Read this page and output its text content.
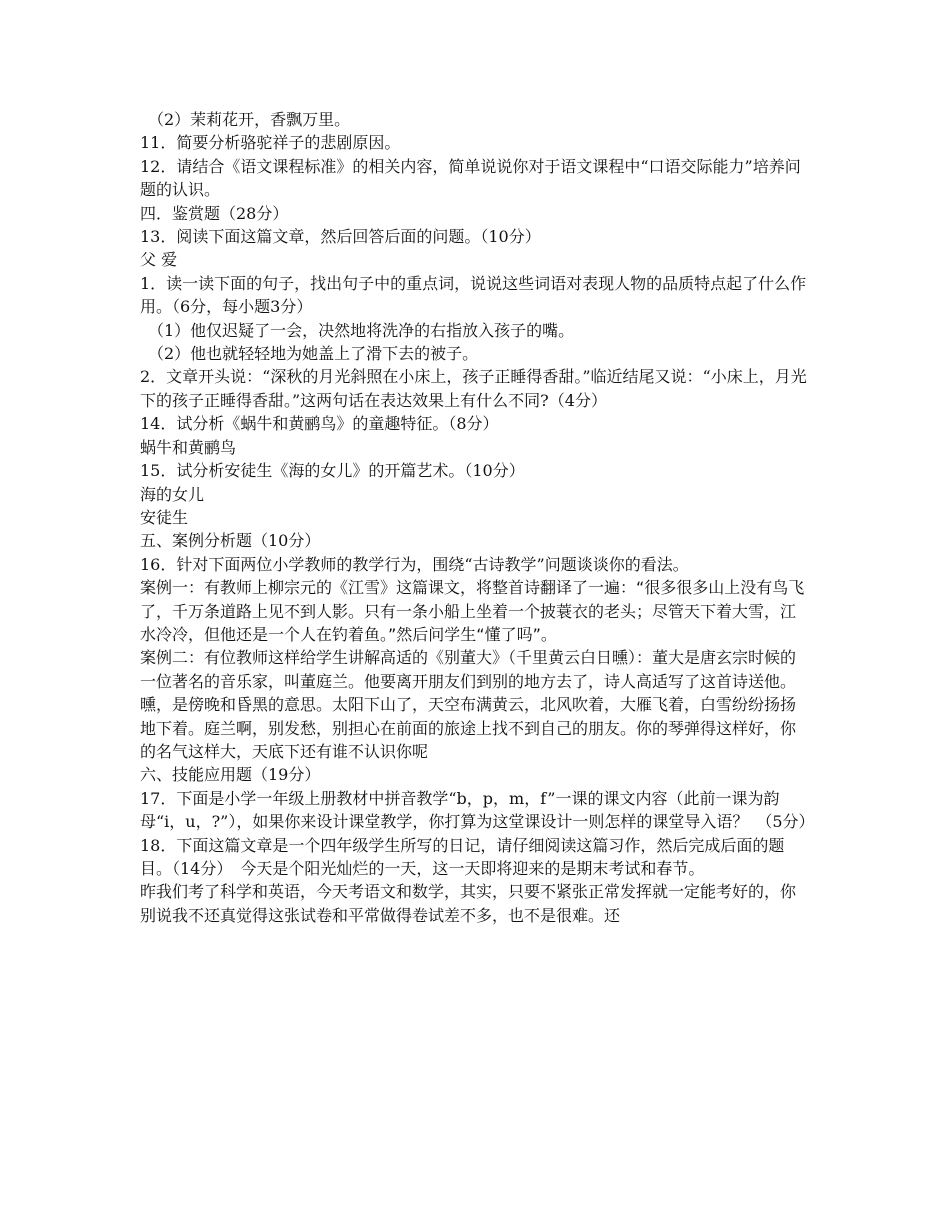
（2）茉莉花开，香飘万里。
11．简要分析骆驼祥子的悲剧原因。
12．请结合《语文课程标准》的相关内容，简单说说你对于语文课程中“口语交际能力”培养问题的认识。
四．鉴赏题（28分）
13．阅读下面这篇文章，然后回答后面的问题。（10分）
父 爱
1．读一读下面的句子，找出句子中的重点词，说说这些词语对表现人物的品质特点起了什么作用。（6分，每小题3分）
（1）他仅迟疑了一会，决然地将洗净的右指放入孩子的嘴。
（2）他也就轻轻地为她盖上了滑下去的被子。
2．文章开头说：“深秋的月光斜照在小床上，孩子正睡得香甜。”临近结尾又说：“小床上，月光下的孩子正睡得香甜。”这两句话在表达效果上有什么不同?（4分）
14．试分析《蜗牛和黄鹂鸟》的童趣特征。（8分）
蜗牛和黄鹂鸟
15．试分析安徒生《海的女儿》的开篇艺术。（10分）
海的女儿
安徒生
五、案例分析题（10分）
16．针对下面两位小学教师的教学行为，围绕“古诗教学”问题谈谈你的看法。
案例一：有教师上柳宗元的《江雪》这篇课文，将整首诗翻译了一遍：“很多很多山上没有鸟飞了，千万条道路上见不到人影。只有一条小船上坐着一个披蓑衣的老头；尽管天下着大雪，江水冷冷，但他还是一个人在钓着鱼。”然后问学生“懂了吗”。
案例二：有位教师这样给学生讲解高适的《别董大》（千里黄云白日曛）：董大是唐玄宗时候的一位著名的音乐家，叫董庭兰。他要离开朋友们到别的地方去了，诗人高适写了这首诗送他。曛，是傍晚和昏黑的意思。太阳下山了，天空布满黄云，北风吹着，大雁飞着，白雪纷纷扬扬地下着。庭兰啊，别发愁，别担心在前面的旅途上找不到自己的朋友。你的琴弹得这样好，你的名气这样大，天底下还有谁不认识你呢
六、技能应用题（19分）
17．下面是小学一年级上册教材中拼音教学“b，p，m，f”一课的课文内容（此前一课为韵母“i，u，?”），如果你来设计课堂教学，你打算为这堂课设计一则怎样的课堂导入语？　（5分）
18．下面这篇文章是一个四年级学生所写的日记，请仔细阅读这篇习作，然后完成后面的题目。（14分）　今天是个阳光灿烂的一天，这一天即将迎来的是期末考试和春节。
昨我们考了科学和英语，今天考语文和数学，其实，只要不紧张正常发挥就一定能考好的，你别说我不还真觉得这张试卷和平常做得卷试差不多，也不是很难。还
